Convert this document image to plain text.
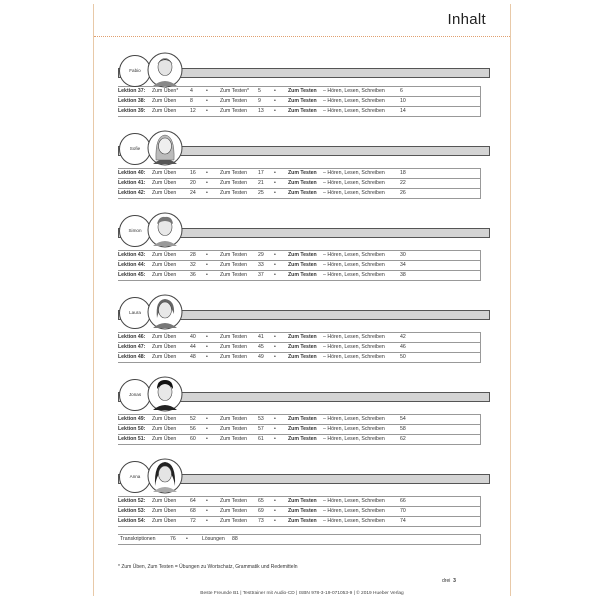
Inhalt
Fabio
Lektion 37: Zum Üben* 4	• Zum Testen* 5	• Zum Testen – Hören, Lesen, Schreiben	6
Lektion 38: Zum Üben	8	• Zum Testen 9	• Zum Testen – Hören, Lesen, Schreiben	10
Lektion 39: Zum Üben	12 • Zum Testen 13 • Zum Testen – Hören, Lesen, Schreiben	14
Sofie
Lektion 40: Zum Üben	16 • Zum Testen 17 • Zum Testen – Hören, Lesen, Schreiben	18
Lektion 41: Zum Üben	20 • Zum Testen 21 • Zum Testen – Hören, Lesen, Schreiben	22
Lektion 42: Zum Üben	24 • Zum Testen 25 • Zum Testen – Hören, Lesen, Schreiben	26
Simon
Lektion 43: Zum Üben	28 • Zum Testen 29 • Zum Testen – Hören, Lesen, Schreiben	30
Lektion 44: Zum Üben	32 • Zum Testen 33 • Zum Testen – Hören, Lesen, Schreiben	34
Lektion 45: Zum Üben	36 • Zum Testen 37 • Zum Testen – Hören, Lesen, Schreiben	38
Laura
Lektion 46: Zum Üben	40 • Zum Testen 41 • Zum Testen – Hören, Lesen, Schreiben	42
Lektion 47: Zum Üben	44 • Zum Testen 45 • Zum Testen – Hören, Lesen, Schreiben	46
Lektion 48: Zum Üben	48 • Zum Testen 49 • Zum Testen – Hören, Lesen, Schreiben	50
Jonas
Lektion 49: Zum Üben	52 • Zum Testen 53 • Zum Testen – Hören, Lesen, Schreiben	54
Lektion 50: Zum Üben	56 • Zum Testen 57 • Zum Testen – Hören, Lesen, Schreiben	58
Lektion 51: Zum Üben	60 • Zum Testen 61 • Zum Testen – Hören, Lesen, Schreiben	62
Anna
Lektion 52: Zum Üben	64 • Zum Testen 65 • Zum Testen – Hören, Lesen, Schreiben	66
Lektion 53: Zum Üben	68 • Zum Testen 69 • Zum Testen – Hören, Lesen, Schreiben	70
Lektion 54: Zum Üben	72 • Zum Testen 73 • Zum Testen – Hören, Lesen, Schreiben	74
Transkriptionen	76 •	Lösungen 88
* Zum Üben, Zum Testen = Übungen zu Wortschatz, Grammatik und Redemitteln
drei 3
Beste Freunde B1 | Testtrainer mit Audio-CD | ISBN 978-3-19-071053-9 | © 2019 Hueber Verlag
